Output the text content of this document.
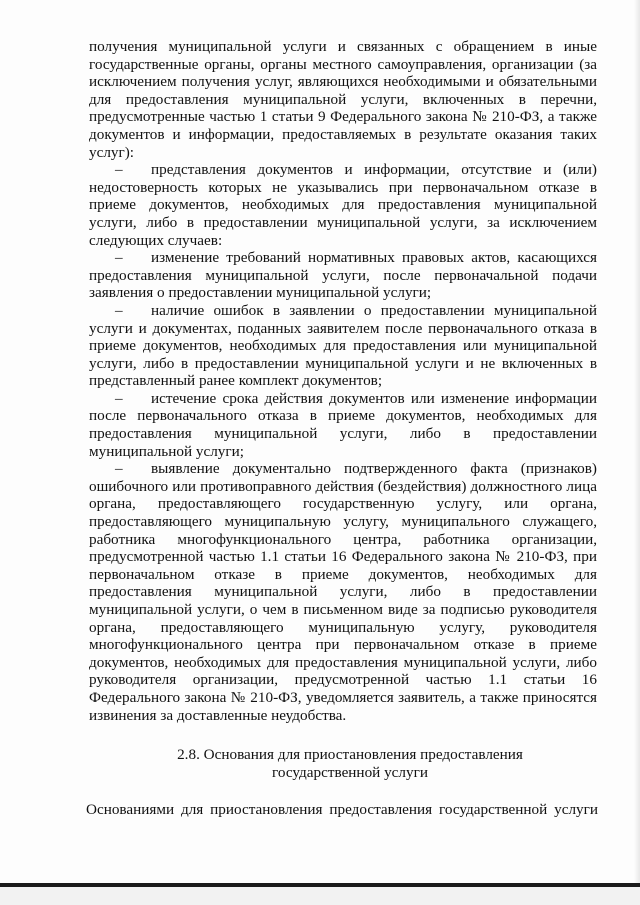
получения муниципальной услуги и связанных с обращением в иные государственные органы, органы местного самоуправления, организации (за исключением получения услуг, являющихся необходимыми и обязательными для предоставления муниципальной услуги, включенных в перечни, предусмотренные частью 1 статьи 9 Федерального закона № 210-ФЗ, а также документов и информации, предоставляемых в результате оказания таких услуг):

– представления документов и информации, отсутствие и (или) недостоверность которых не указывались при первоначальном отказе в приеме документов, необходимых для предоставления муниципальной услуги, либо в предоставлении муниципальной услуги, за исключением следующих случаев:

– изменение требований нормативных правовых актов, касающихся предоставления муниципальной услуги, после первоначальной подачи заявления о предоставлении муниципальной услуги;

– наличие ошибок в заявлении о предоставлении муниципальной услуги и документах, поданных заявителем после первоначального отказа в приеме документов, необходимых для предоставления или муниципальной услуги, либо в предоставлении муниципальной услуги и не включенных в представленный ранее комплект документов;

– истечение срока действия документов или изменение информации после первоначального отказа в приеме документов, необходимых для предоставления муниципальной услуги, либо в предоставлении муниципальной услуги;

– выявление документально подтвержденного факта (признаков) ошибочного или противоправного действия (бездействия) должностного лица органа, предоставляющего государственную услугу, или органа, предоставляющего муниципальную услугу, муниципального служащего, работника многофункционального центра, работника организации, предусмотренной частью 1.1 статьи 16 Федерального закона № 210-ФЗ, при первоначальном отказе в приеме документов, необходимых для предоставления муниципальной услуги, либо в предоставлении муниципальной услуги, о чем в письменном виде за подписью руководителя органа, предоставляющего муниципальную услугу, руководителя многофункционального центра при первоначальном отказе в приеме документов, необходимых для предоставления муниципальной услуги, либо руководителя организации, предусмотренной частью 1.1 статьи 16 Федерального закона № 210-ФЗ, уведомляется заявитель, а также приносятся извинения за доставленные неудобства.

2.8. Основания для приостановления предоставления
государственной услуги

Основаниями для приостановления предоставления государственной услуги
